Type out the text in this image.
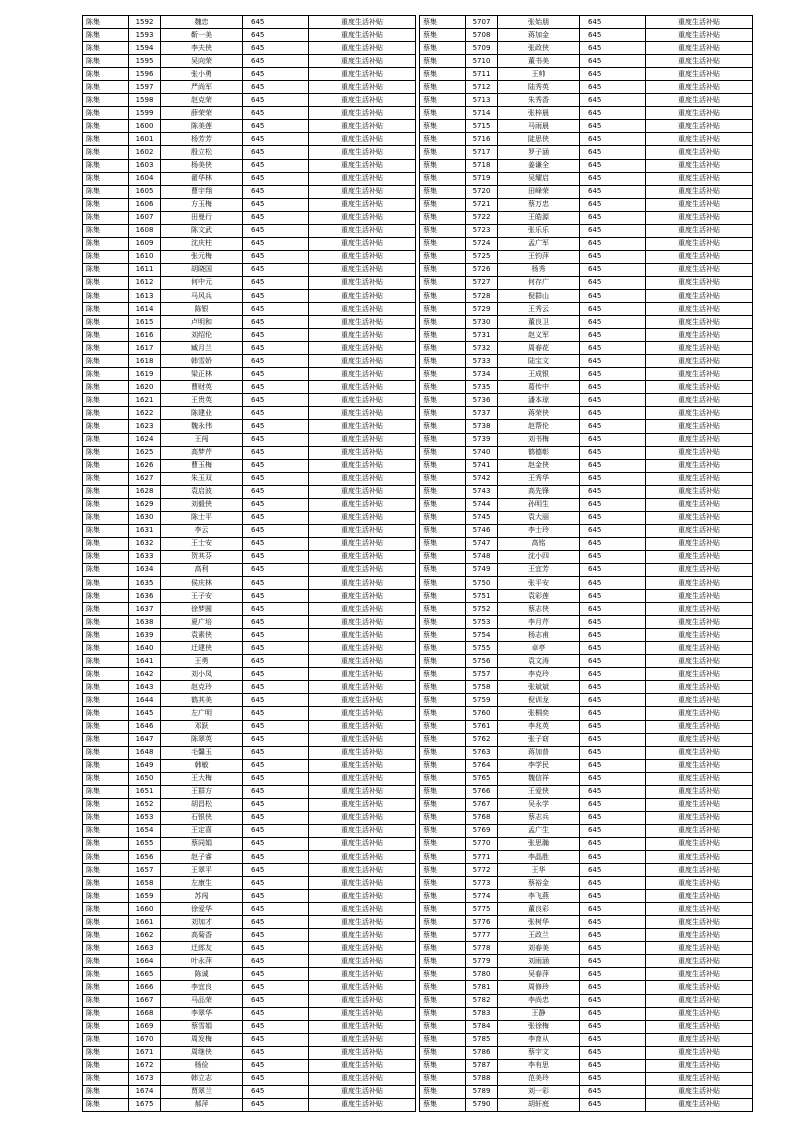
陈集	1592	魏忠	645	重度生活补贴
陈集	1593	靳一美	645	重度生活补贴
陈集	1594	李夫侠	645	重度生活补贴
陈集	1595	吴向荣	645	重度生活补贴
陈集	1596	张小勇	645	重度生活补贴
陈集	1597	严尚军	645	重度生活补贴
陈集	1598	赵克荣	645	重度生活补贴
陈集	1599	薛荣荣	645	重度生活补贴
陈集	1600	陈美莲	645	重度生活补贴
陈集	1601	杨芳芳	645	重度生活补贴
陈集	1602	殷立松	645	重度生活补贴
陈集	1603	杨美侠	645	重度生活补贴
陈集	1604	翟华林	645	重度生活补贴
陈集	1605	曹宇翔	645	重度生活补贴
陈集	1606	方玉梅	645	重度生活补贴
陈集	1607	田曼行	645	重度生活补贴
陈集	1608	陈文武	645	重度生活补贴
陈集	1609	沈庆柱	645	重度生活补贴
陈集	1610	张元梅	645	重度生活补贴
陈集	1611	胡晓国	645	重度生活补贴
陈集	1612	何中元	645	重度生活补贴
陈集	1613	马风兵	645	重度生活补贴
陈集	1614	陈银	645	重度生活补贴
陈集	1615	卢明和	645	重度生活补贴
陈集	1616	刘绍伦	645	重度生活补贴
陈集	1617	臧月兰	645	重度生活补贴
陈集	1618	韩雪娇	645	重度生活补贴
陈集	1619	梁正林	645	重度生活补贴
陈集	1620	曹财英	645	重度生活补贴
陈集	1621	王贵英	645	重度生活补贴
陈集	1622	陈建业	645	重度生活补贴
陈集	1623	魏永伟	645	重度生活补贴
陈集	1624	王闯	645	重度生活补贴
陈集	1625	高梦芹	645	重度生活补贴
陈集	1626	曹玉梅	645	重度生活补贴
陈集	1627	朱玉双	645	重度生活补贴
陈集	1628	袁启波	645	重度生活补贴
陈集	1629	刘毅侠	645	重度生活补贴
陈集	1630	陈士平	645	重度生活补贴
陈集	1631	李云	645	重度生活补贴
陈集	1632	王士安	645	重度生活补贴
陈集	1633	贺其芬	645	重度生活补贴
陈集	1634	高利	645	重度生活补贴
陈集	1635	侯庆林	645	重度生活补贴
陈集	1636	王子安	645	重度生活补贴
陈集	1637	徐梦圆	645	重度生活补贴
陈集	1638	夏广培	645	重度生活补贴
陈集	1639	袁素侠	645	重度生活补贴
陈集	1640	迁建侠	645	重度生活补贴
陈集	1641	王勇	645	重度生活补贴
陈集	1642	刘小凤	645	重度生活补贴
陈集	1643	赵克玲	645	重度生活补贴
陈集	1644	鹤其美	645	重度生活补贴
陈集	1645	左广明	645	重度生活补贴
陈集	1646	邓跃	645	重度生活补贴
陈集	1647	陈翠英	645	重度生活补贴
陈集	1648	毛馨玉	645	重度生活补贴
陈集	1649	韩敏	645	重度生活补贴
陈集	1650	王大梅	645	重度生活补贴
陈集	1651	王群方	645	重度生活补贴
陈集	1652	胡昌松	645	重度生活补贴
陈集	1653	石银侠	645	重度生活补贴
陈集	1654	王定喜	645	重度生活补贴
陈集	1655	蔡同娟	645	重度生活补贴
陈集	1656	赵子睿	645	重度生活补贴
陈集	1657	王翠平	645	重度生活补贴
陈集	1658	左康生	645	重度生活补贴
陈集	1659	苏闯	645	重度生活补贴
陈集	1660	徐爱华	645	重度生活补贴
陈集	1661	刘加才	645	重度生活补贴
陈集	1662	高菊香	645	重度生活补贴
陈集	1663	迁郎友	645	重度生活补贴
陈集	1664	叶永萍	645	重度生活补贴
陈集	1665	陈诚	645	重度生活补贴
陈集	1666	李宜良	645	重度生活补贴
陈集	1667	马品荣	645	重度生活补贴
陈集	1668	李翠华	645	重度生活补贴
陈集	1669	蔡雪娟	645	重度生活补贴
陈集	1670	周发梅	645	重度生活补贴
陈集	1671	周继侠	645	重度生活补贴
陈集	1672	杨俭	645	重度生活补贴
陈集	1673	韩立志	645	重度生活补贴
陈集	1674	贾翠兰	645	重度生活补贴
陈集	1675	郝萍	645	重度生活补贴
蔡集	5707	张始朋	645	重度生活补贴
蔡集	5708	蒋加金	645	重度生活补贴
蔡集	5709	张政侠	645	重度生活补贴
蔡集	5710	董书美	645	重度生活补贴
蔡集	5711	王帅	645	重度生活补贴
蔡集	5712	陆秀英	645	重度生活补贴
蔡集	5713	朱秀香	645	重度生活补贴
蔡集	5714	张梓晨	645	重度生活补贴
蔡集	5715	马雨晨	645	重度生活补贴
蔡集	5716	陡思侠	645	重度生活补贴
蔡集	5717	罗子涵	645	重度生活补贴
蔡集	5718	姜谦全	645	重度生活补贴
蔡集	5719	吴耀启	645	重度生活补贴
蔡集	5720	田峰荣	645	重度生活补贴
蔡集	5721	蔡万忠	645	重度生活补贴
蔡集	5722	王皓源	645	重度生活补贴
蔡集	5723	张乐乐	645	重度生活补贴
蔡集	5724	孟广军	645	重度生活补贴
蔡集	5725	王钧萍	645	重度生活补贴
蔡集	5726	杨秀	645	重度生活补贴
蔡集	5727	何存广	645	重度生活补贴
蔡集	5728	倪群山	645	重度生活补贴
蔡集	5729	王秀云	645	重度生活补贴
蔡集	5730	董良卫	645	重度生活补贴
蔡集	5731	赵义军	645	重度生活补贴
蔡集	5732	周春花	645	重度生活补贴
蔡集	5733	陆宝文	645	重度生活补贴
蔡集	5734	王成银	645	重度生活补贴
蔡集	5735	葛传中	645	重度生活补贴
蔡集	5736	潘本琼	645	重度生活补贴
蔡集	5737	蒋荣侠	645	重度生活补贴
蔡集	5738	赵帮伦	645	重度生活补贴
蔡集	5739	刘书梅	645	重度生活补贴
蔡集	5740	鹤德彰	645	重度生活补贴
蔡集	5741	赵金侠	645	重度生活补贴
蔡集	5742	王秀华	645	重度生活补贴
蔡集	5743	高先锋	645	重度生活补贴
蔡集	5744	孙明生	645	重度生活补贴
蔡集	5745	袁大丽	645	重度生活补贴
蔡集	5746	李士玲	645	重度生活补贴
蔡集	5747	高铭	645	重度生活补贴
蔡集	5748	沈小四	645	重度生活补贴
蔡集	5749	王宜芳	645	重度生活补贴
蔡集	5750	张平安	645	重度生活补贴
蔡集	5751	袁彩莲	645	重度生活补贴
蔡集	5752	蔡志侠	645	重度生活补贴
蔡集	5753	李月芹	645	重度生活补贴
蔡集	5754	杨志甫	645	重度生活补贴
蔡集	5755	卓亭	645	重度生活补贴
蔡集	5756	袁文涛	645	重度生活补贴
蔡集	5757	李克玲	645	重度生活补贴
蔡集	5758	张斌斌	645	重度生活补贴
蔡集	5759	倪训龙	645	重度生活补贴
蔡集	5760	张桐奕	645	重度生活补贴
蔡集	5761	李兆英	645	重度生活补贴
蔡集	5762	张子窈	645	重度生活补贴
蔡集	5763	蒋加普	645	重度生活补贴
蔡集	5764	李学民	645	重度生活补贴
蔡集	5765	魏信祥	645	重度生活补贴
蔡集	5766	王爱侠	645	重度生活补贴
蔡集	5767	吴永学	645	重度生活补贴
蔡集	5768	蔡志兵	645	重度生活补贴
蔡集	5769	孟广生	645	重度生活补贴
蔡集	5770	张思瀚	645	重度生活补贴
蔡集	5771	李晶胜	645	重度生活补贴
蔡集	5772	王华	645	重度生活补贴
蔡集	5773	蔡裕金	645	重度生活补贴
蔡集	5774	李飞燕	645	重度生活补贴
蔡集	5775	董良彩	645	重度生活补贴
蔡集	5776	张树华	645	重度生活补贴
蔡集	5777	王政兰	645	重度生活补贴
蔡集	5778	刘春美	645	重度生活补贴
蔡集	5779	刘雨涵	645	重度生活补贴
蔡集	5780	吴春萍	645	重度生活补贴
蔡集	5781	周修玲	645	重度生活补贴
蔡集	5782	李尚忠	645	重度生活补贴
蔡集	5783	王静	645	重度生活补贴
蔡集	5784	张徐梅	645	重度生活补贴
蔡集	5785	李育从	645	重度生活补贴
蔡集	5786	蔡宇文	645	重度生活补贴
蔡集	5787	李有思	645	重度生活补贴
蔡集	5788	范美玲	645	重度生活补贴
蔡集	5789	刘一彩	645	重度生活补贴
蔡集	5790	胡轩庭	645	重度生活补贴
